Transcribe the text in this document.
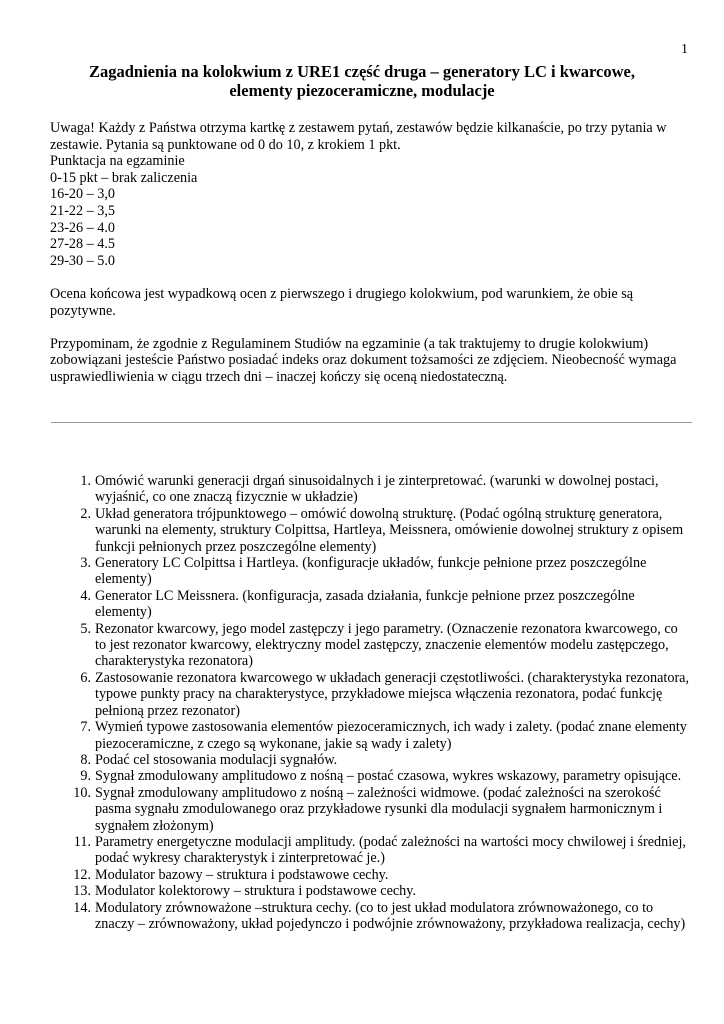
1
Zagadnienia na kolokwium z URE1 część druga – generatory LC i kwarcowe,
elementy piezoceramiczne, modulacje

Uwaga! Każdy z Państwa otrzyma kartkę z zestawem pytań, zestawów będzie kilkanaście, po trzy pytania w zestawie. Pytania są punktowane od 0 do 10, z krokiem 1 pkt.

Punktacja na egzaminie

0-15 pkt – brak zaliczenia

16-20 – 3,0

21-22 – 3,5

23-26 – 4.0

27-28 – 4.5

29-30 – 5.0

Ocena końcowa jest wypadkową ocen z pierwszego i drugiego kolokwium, pod warunkiem, że obie są pozytywne.

Przypominam, że zgodnie z Regulaminem Studiów na egzaminie (a tak traktujemy to drugie kolokwium) zobowiązani jesteście Państwo posiadać indeks oraz dokument tożsamości ze zdjęciem. Nieobecność wymaga usprawiedliwienia w ciągu trzech dni – inaczej kończy się oceną niedostateczną.

1. Omówić warunki generacji drgań sinusoidalnych i je zinterpretować. (warunki w dowolnej postaci, wyjaśnić, co one znaczą fizycznie w układzie)
2. Układ generatora trójpunktowego – omówić dowolną strukturę. (Podać ogólną strukturę generatora, warunki na elementy, struktury Colpittsa, Hartleya, Meissnera, omówienie dowolnej struktury z opisem funkcji pełnionych przez poszczególne elementy)
3. Generatory LC Colpittsa i Hartleya. (konfiguracje układów, funkcje pełnione przez poszczególne elementy)
4. Generator LC Meissnera. (konfiguracja, zasada działania, funkcje pełnione przez poszczególne elementy)
5. Rezonator kwarcowy, jego model zastępczy i jego parametry. (Oznaczenie rezonatora kwarcowego, co to jest rezonator kwarcowy, elektryczny model zastępczy, znaczenie elementów modelu zastępczego, charakterystyka rezonatora)
6. Zastosowanie rezonatora kwarcowego w układach generacji częstotliwości. (charakterystyka rezonatora, typowe punkty pracy na charakterystyce, przykładowe miejsca włączenia rezonatora, podać funkcję pełnioną przez rezonator)
7. Wymień typowe zastosowania elementów piezoceramicznych, ich wady i zalety. (podać znane elementy piezoceramiczne, z czego są wykonane, jakie są wady i zalety)
8. Podać cel stosowania modulacji sygnałów.
9. Sygnał zmodulowany amplitudowo z nośną – postać czasowa, wykres wskazowy, parametry opisujące.
10. Sygnał zmodulowany amplitudowo z nośną – zależności widmowe. (podać zależności na szerokość pasma sygnału zmodulowanego oraz przykładowe rysunki dla modulacji sygnałem harmonicznym i sygnałem złożonym)
11. Parametry energetyczne modulacji amplitudy. (podać zależności na wartości mocy chwilowej i średniej, podać wykresy charakterystyk i zinterpretować je.)
12. Modulator bazowy – struktura i podstawowe cechy.
13. Modulator kolektorowy – struktura i podstawowe cechy.
14. Modulatory zrównoważone –struktura cechy. (co to jest układ modulatora zrównoważonego, co to znaczy – zrównoważony, układ pojedynczo i podwójnie zrównoważony, przykładowa realizacja, cechy)
